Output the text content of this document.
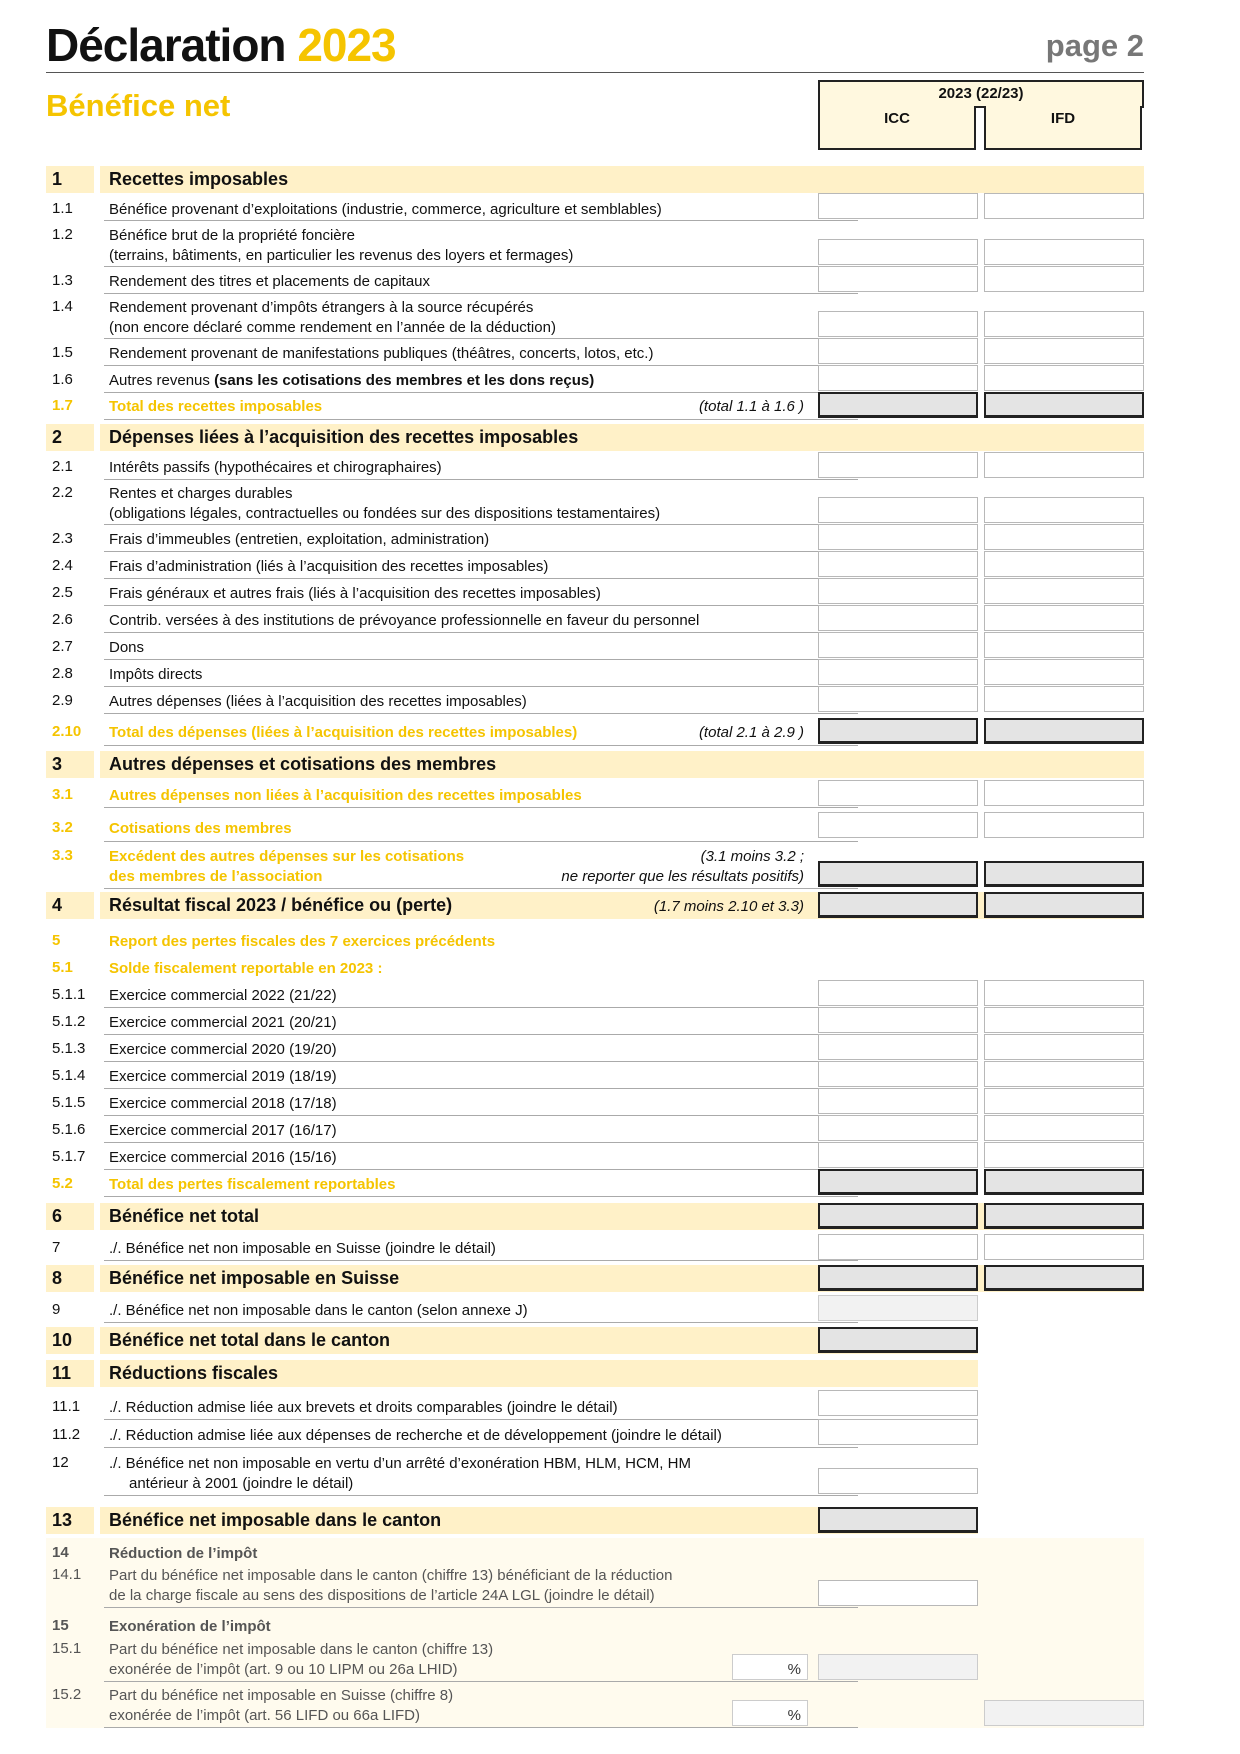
Déclaration 2023	page 2
Bénéfice net	2023 (22/23)
ICC	IFD
1	Recettes imposables
1.1 Bénéfice provenant d’exploitations (industrie, commerce, agriculture et semblables)
1.2 Bénéfice brut de la propriété foncière
(terrains, bâtiments, en particulier les revenus des loyers et fermages)
1.3 Rendement des titres et placements de capitaux
1.4 Rendement provenant d’impôts étrangers à la source récupérés
(non encore déclaré comme rendement en l’année de la déduction)
1.5 Rendement provenant de manifestations publiques (théâtres, concerts, lotos, etc.)
1.6 Autres revenus (sans les cotisations des membres et les dons reçus)
1.7 Total des recettes imposables	(total 1.1 à 1.6 )
2	Dépenses liées à l’acquisition des recettes imposables
2.1 Intérêts passifs (hypothécaires et chirographaires)
2.2 Rentes et charges durables
(obligations légales, contractuelles ou fondées sur des dispositions testamentaires)
2.3 Frais d’immeubles (entretien, exploitation, administration)
2.4 Frais d’administration (liés à l’acquisition des recettes imposables)
2.5 Frais généraux et autres frais (liés à l’acquisition des recettes imposables)
2.6 Contrib. versées à des institutions de prévoyance professionnelle en faveur du personnel
2.7 Dons
2.8 Impôts directs
2.9 Autres dépenses (liées à l’acquisition des recettes imposables)
2.10 Total des dépenses (liées à l’acquisition des recettes imposables)	(total 2.1 à 2.9 )
3	Autres dépenses et cotisations des membres
3.1 Autres dépenses non liées à l’acquisition des recettes imposables
3.2 Cotisations des membres
3.3 Excédent des autres dépenses sur les cotisations
des membres de l’association
(3.1 moins 3.2 ;
ne reporter que les résultats positifs)
4	Résultat fiscal 2023 / bénéfice ou (perte)	(1.7 moins 2.10 et 3.3)
5	Report des pertes fiscales des 7 exercices précédents
5.1 Solde fiscalement reportable en 2023 :
5.1.1 Exercice commercial 2022 (21/22)
5.1.2 Exercice commercial 2021 (20/21)
5.1.3 Exercice commercial 2020 (19/20)
5.1.4 Exercice commercial 2019 (18/19)
5.1.5 Exercice commercial 2018 (17/18)
5.1.6 Exercice commercial 2017 (16/17)
5.1.7 Exercice commercial 2016 (15/16)
5.2 Total des pertes fiscalement reportables
6	Bénéfice net total
7	./. Bénéfice net non imposable en Suisse (joindre le détail)
8	Bénéfice net imposable en Suisse
9	./. Bénéfice net non imposable dans le canton (selon annexe J)
10 Bénéfice net total dans le canton
11 Réductions fiscales
11.1 ./. Réduction admise liée aux brevets et droits comparables (joindre le détail)
11.2 ./. Réduction admise liée aux dépenses de recherche et de développement (joindre le détail)
12	./. Bénéfice net non imposable en vertu d’un arrêté d’exonération HBM, HLM, HCM, HM
antérieur à 2001 (joindre le détail)
13 Bénéfice net imposable dans le canton
14	Réduction de l’impôt
14.1 Part du bénéfice net imposable dans le canton (chiffre 13) bénéficiant de la réduction
de la charge fiscale au sens des dispositions de l’article 24A LGL (joindre le détail)
15	Exonération de l’impôt
15.1 Part du bénéfice net imposable dans le canton (chiffre 13)
exonérée de l’impôt (art. 9 ou 10 LIPM ou 26a LHID)	%
15.2 Part du bénéfice net imposable en Suisse (chiffre 8)
exonérée de l’impôt (art. 56 LIFD ou 66a LIFD)	%
